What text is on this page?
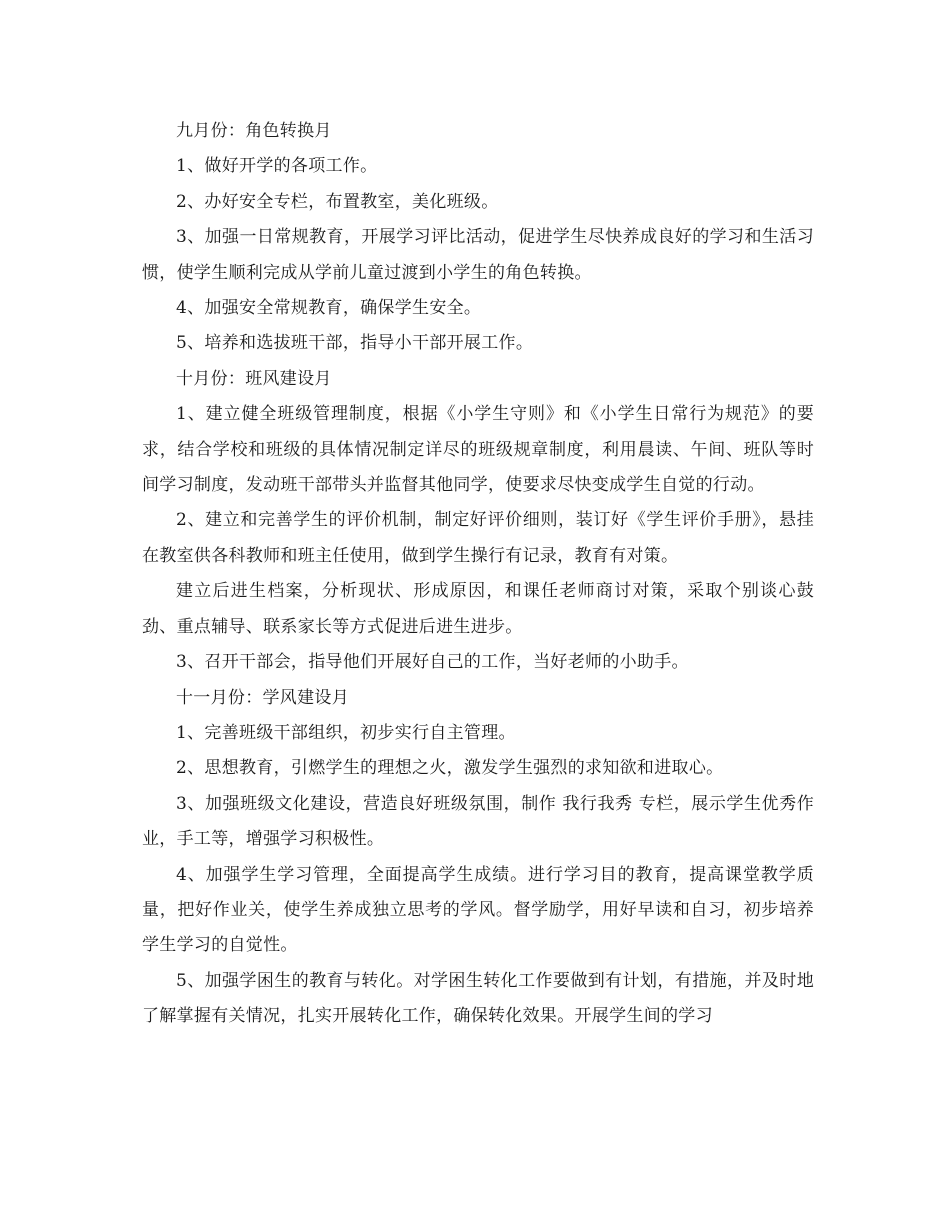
九月份：角色转换月

1、做好开学的各项工作。

2、办好安全专栏，布置教室，美化班级。

3、加强一日常规教育，开展学习评比活动，促进学生尽快养成良好的学习和生活习惯，使学生顺利完成从学前儿童过渡到小学生的角色转换。

4、加强安全常规教育，确保学生安全。

5、培养和选拔班干部，指导小干部开展工作。

十月份：班风建设月

1、建立健全班级管理制度，根据《小学生守则》和《小学生日常行为规范》的要求，结合学校和班级的具体情况制定详尽的班级规章制度，利用晨读、午间、班队等时间学习制度，发动班干部带头并监督其他同学，使要求尽快变成学生自觉的行动。

2、建立和完善学生的评价机制，制定好评价细则，装订好《学生评价手册》，悬挂在教室供各科教师和班主任使用，做到学生操行有记录，教育有对策。

建立后进生档案，分析现状、形成原因，和课任老师商讨对策，采取个别谈心鼓劲、重点辅导、联系家长等方式促进后进生进步。

3、召开干部会，指导他们开展好自己的工作，当好老师的小助手。

十一月份：学风建设月

1、完善班级干部组织，初步实行自主管理。

2、思想教育，引燃学生的理想之火，激发学生强烈的求知欲和进取心。

3、加强班级文化建设，营造良好班级氛围，制作 我行我秀 专栏，展示学生优秀作业，手工等，增强学习积极性。

4、加强学生学习管理，全面提高学生成绩。进行学习目的教育，提高课堂教学质量，把好作业关，使学生养成独立思考的学风。督学励学，用好早读和自习，初步培养学生学习的自觉性。

5、加强学困生的教育与转化。对学困生转化工作要做到有计划，有措施，并及时地了解掌握有关情况，扎实开展转化工作，确保转化效果。开展学生间的学习
